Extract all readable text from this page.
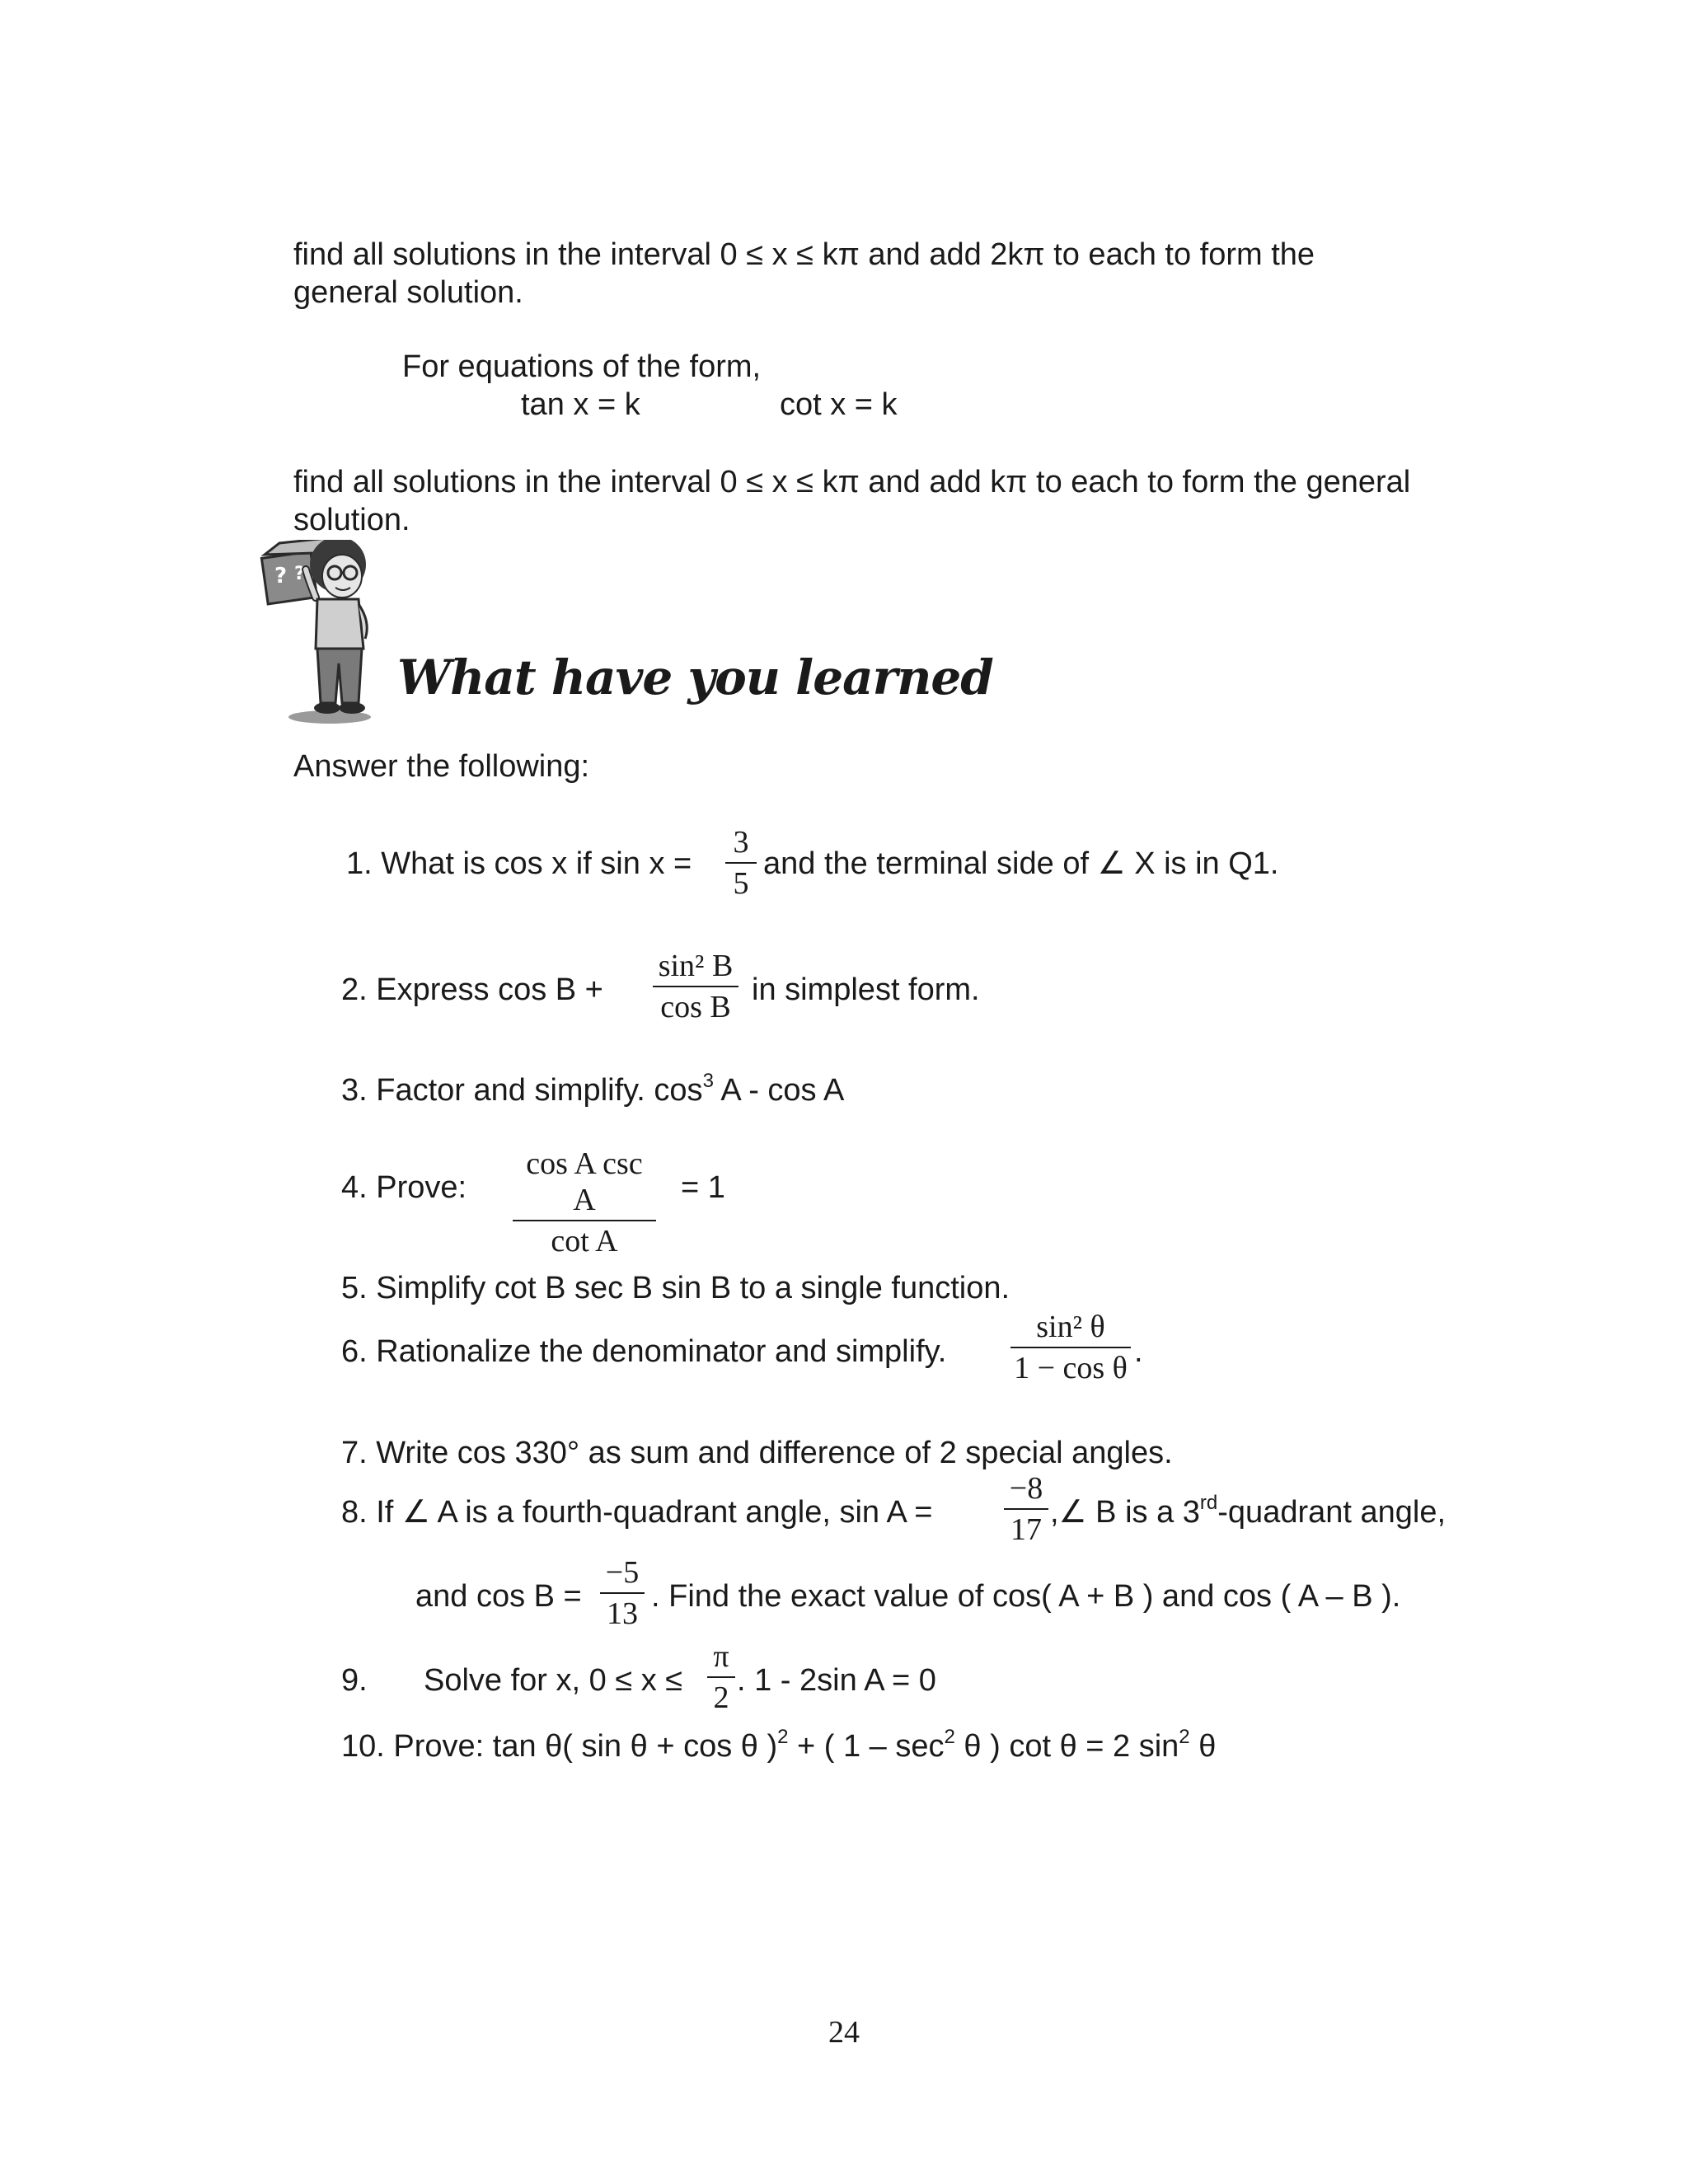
find all solutions in the interval 0 ≤ x ≤ kπ and add 2kπ to each to form the
general solution.
For equations of the form,
tan x = k	cot x = k
find all solutions in the interval 0 ≤ x ≤ kπ and add kπ to each to form the general
solution.
? ?
What have you learned
Answer the following:
1. What is cos x if sin x =
3
5
and the terminal side of ∠ X is in Q1.
2. Express cos B +
sin² B
cos B in simplest form.
3. Factor and simplify. $\cos^3 A$ - cos A
4. Prove:
cos A csc A
cot A
= 1
5. Simplify cot B sec B sin B to a single function.
6. Rationalize the denominator and simplify.
sin² θ
1 − cos θ .
7. Write cos 330° as sum and difference of 2 special angles.
8. If ∠ A is a fourth-quadrant angle, sin A =
−8
17 ,∠ B is a 3rd-quadrant angle,
and cos B =
−5
13 . Find the exact value of cos( A + B ) and cos ( A – B ).
9. Solve for x, 0 ≤ x ≤
π
2 . 1 - 2sin A = 0
10. Prove: tan θ( sin θ + cos θ )$^2$ + ( $1 - \sec^2 \theta$ ) cot θ = 2 $\sin^2 \theta$
24
